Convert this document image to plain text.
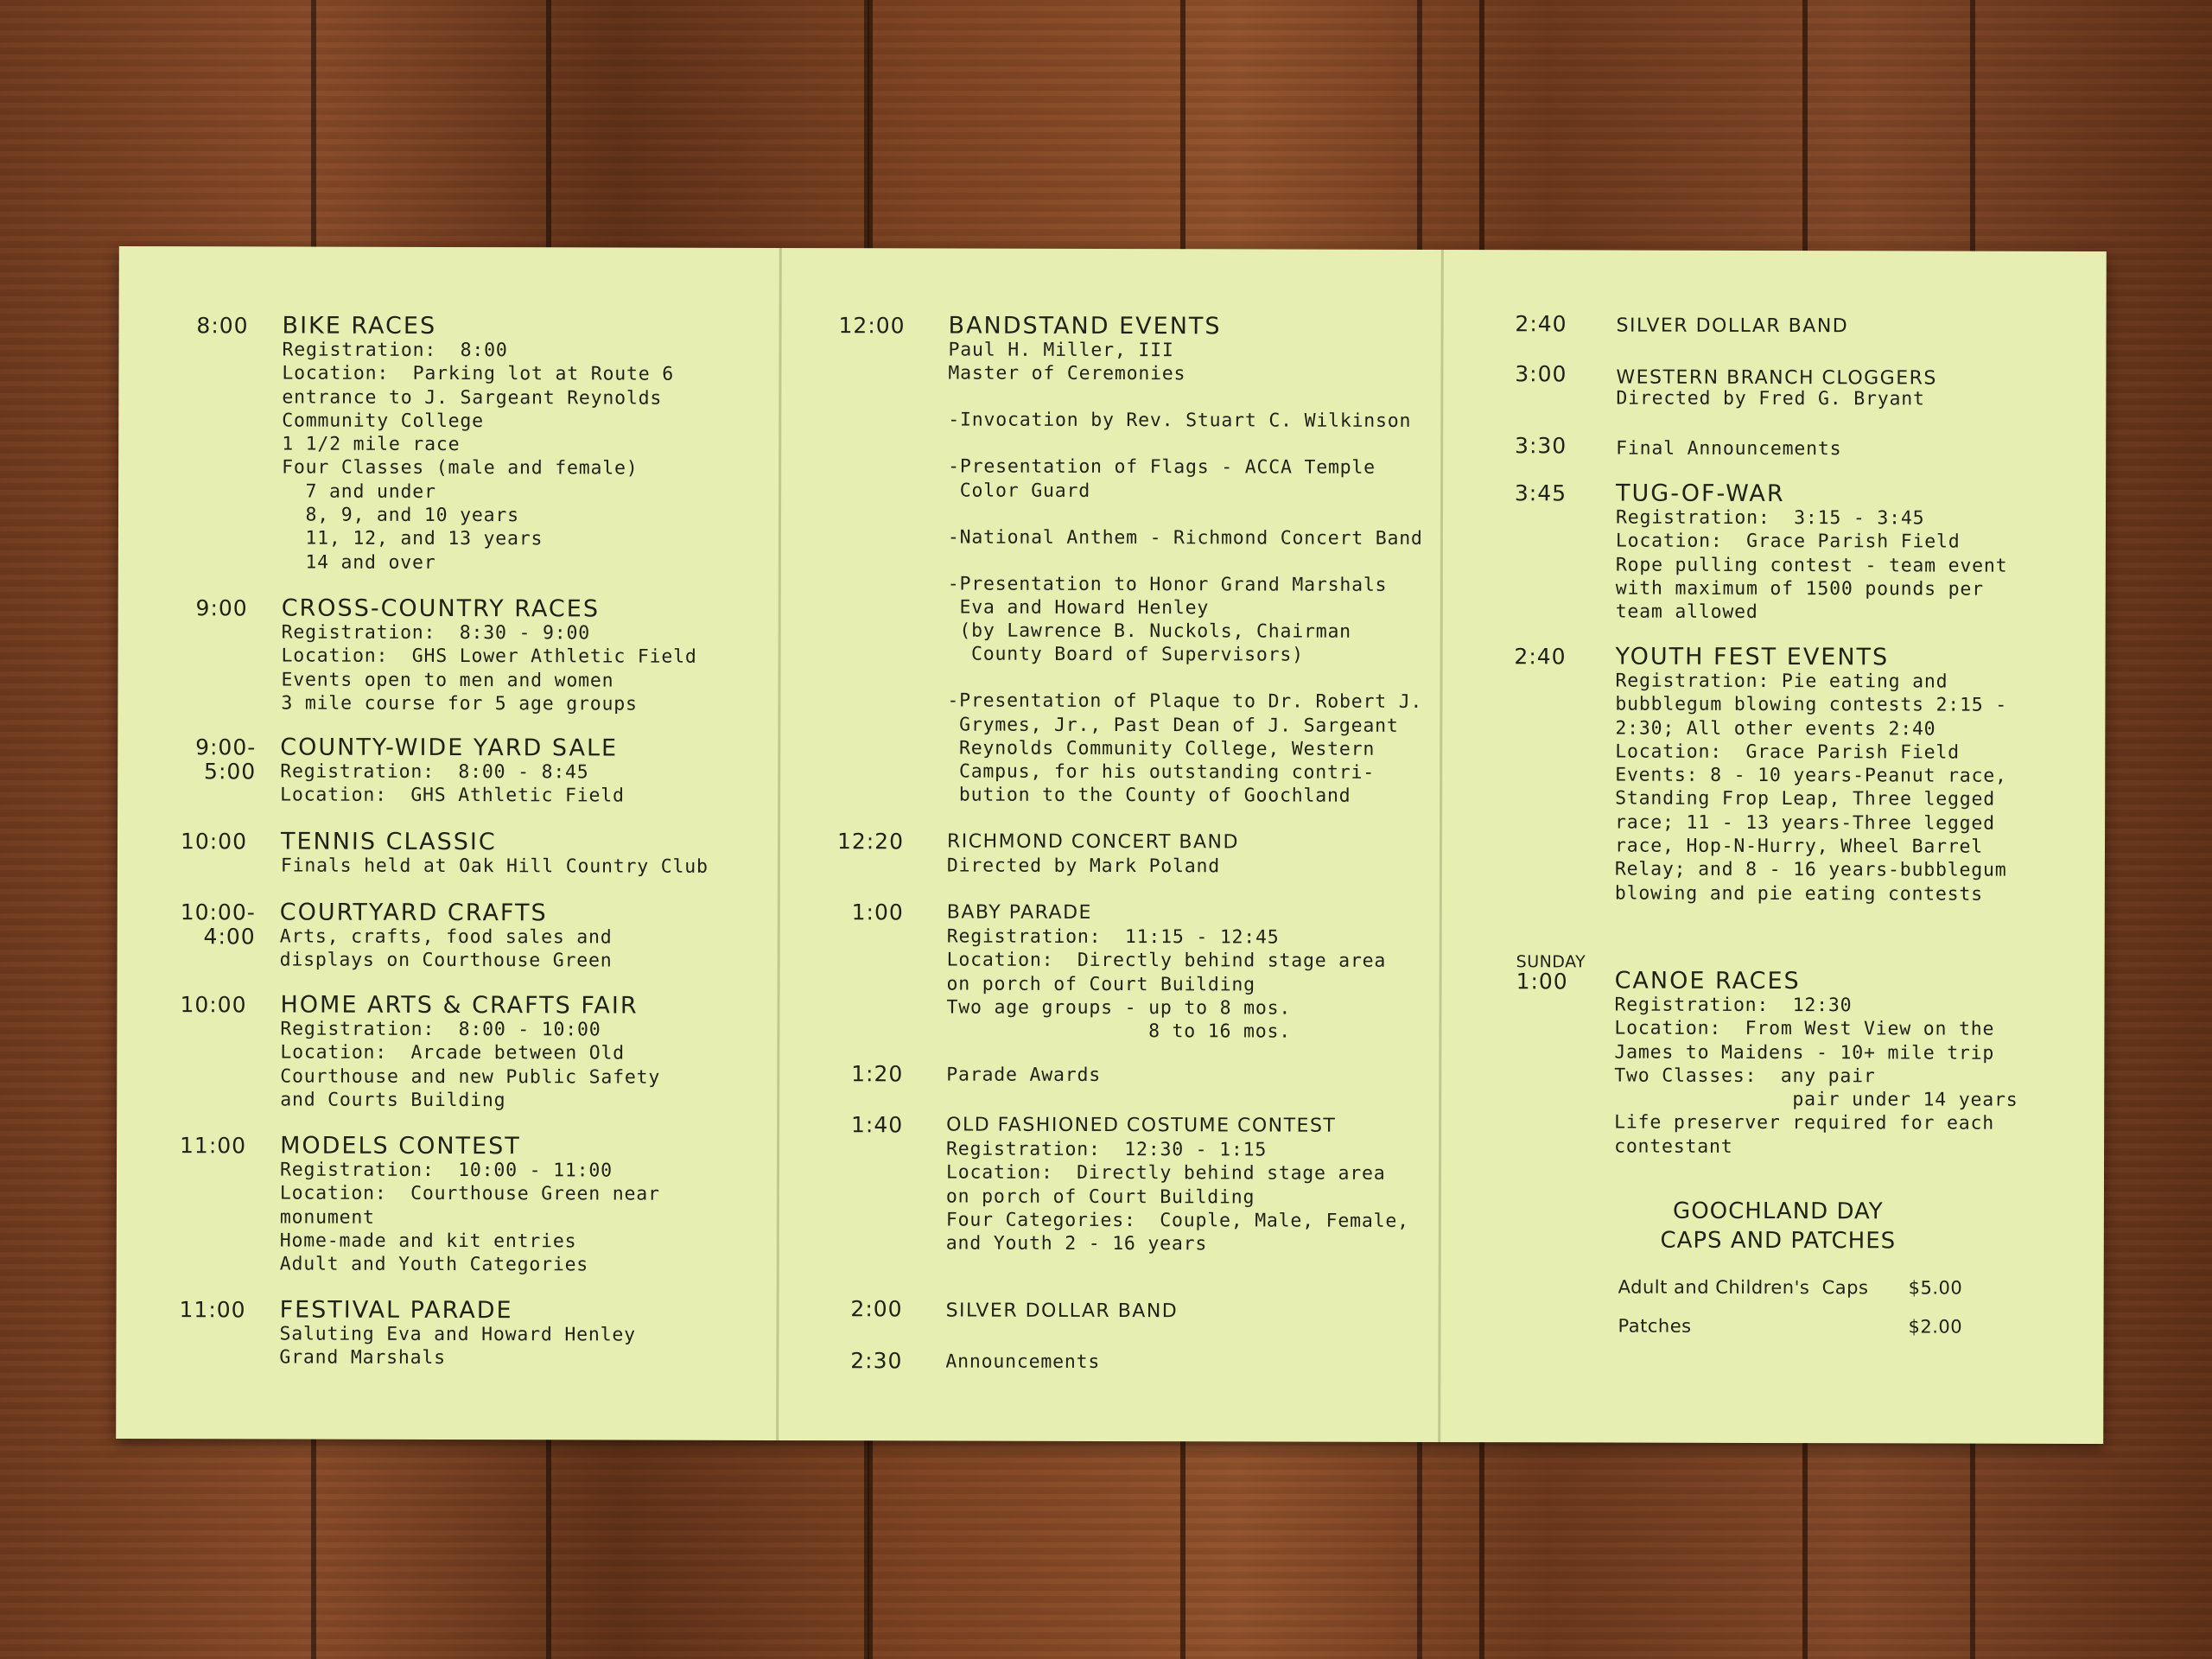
8:00 BIKE RACES
Registration:  8:00
Location:  Parking lot at Route 6
entrance to J. Sargeant Reynolds
Community College
1 1/2 mile race
Four Classes (male and female)
7 and under
8, 9, and 10 years
11, 12, and 13 years
14 and over
9:00 CROSS-COUNTRY RACES
Registration:  8:30 - 9:00
Location:  GHS Lower Athletic Field
Events open to men and women
3 mile course for 5 age groups
9:00-
5:00
COUNTY-WIDE YARD SALE
Registration:  8:00 - 8:45
Location:  GHS Athletic Field
10:00 TENNIS CLASSIC
Finals held at Oak Hill Country Club
10:00-
4:00
COURTYARD CRAFTS
Arts, crafts, food sales and
displays on Courthouse Green
10:00 HOME ARTS & CRAFTS FAIR
Registration:  8:00 - 10:00
Location:  Arcade between Old
Courthouse and new Public Safety
and Courts Building
11:00 MODELS CONTEST
Registration:  10:00 - 11:00
Location:  Courthouse Green near
monument
Home-made and kit entries
Adult and Youth Categories
11:00 FESTIVAL PARADE
Saluting Eva and Howard Henley
Grand Marshals
12:00 BANDSTAND EVENTS
Paul H. Miller, III
Master of Ceremonies

-Invocation by Rev. Stuart C. Wilkinson

-Presentation of Flags - ACCA Temple
Color Guard

-National Anthem - Richmond Concert Band

-Presentation to Honor Grand Marshals
Eva and Howard Henley
(by Lawrence B. Nuckols, Chairman
County Board of Supervisors)

-Presentation of Plaque to Dr. Robert J.
Grymes, Jr., Past Dean of J. Sargeant
Reynolds Community College, Western
Campus, for his outstanding contri-
bution to the County of Goochland
12:20 RICHMOND CONCERT BAND
Directed by Mark Poland
1:00 BABY PARADE
Registration:  11:15 - 12:45
Location:  Directly behind stage area
on porch of Court Building
Two age groups - up to 8 mos.
8 to 16 mos.
1:20 Parade Awards
1:40 OLD FASHIONED COSTUME CONTEST
Registration:  12:30 - 1:15
Location:  Directly behind stage area
on porch of Court Building
Four Categories:  Couple, Male, Female,
and Youth 2 - 16 years
2:00 SILVER DOLLAR BAND
2:30 Announcements
2:40	SILVER DOLLAR BAND
3:00	WESTERN BRANCH CLOGGERS
Directed by Fred G. Bryant
3:30	Final Announcements
3:45 TUG-OF-WAR
Registration:  3:15 - 3:45
Location:  Grace Parish Field
Rope pulling contest - team event
with maximum of 1500 pounds per
team allowed
2:40 YOUTH FEST EVENTS
Registration: Pie eating and
bubblegum blowing contests 2:15 -
2:30; All other events 2:40
Location:  Grace Parish Field
Events: 8 - 10 years-Peanut race,
Standing Frop Leap, Three legged
race; 11 - 13 years-Three legged
race, Hop-N-Hurry, Wheel Barrel
Relay; and 8 - 16 years-bubblegum
blowing and pie eating contests
SUNDAY
1:00	CANOE RACES
Registration:  12:30
Location:  From West View on the
James to Maidens - 10+ mile trip
Two Classes:  any pair
pair under 14 years
Life preserver required for each
contestant
GOOCHLAND DAY
CAPS AND PATCHES
Adult and Children's  Caps $5.00
Patches	$2.00
